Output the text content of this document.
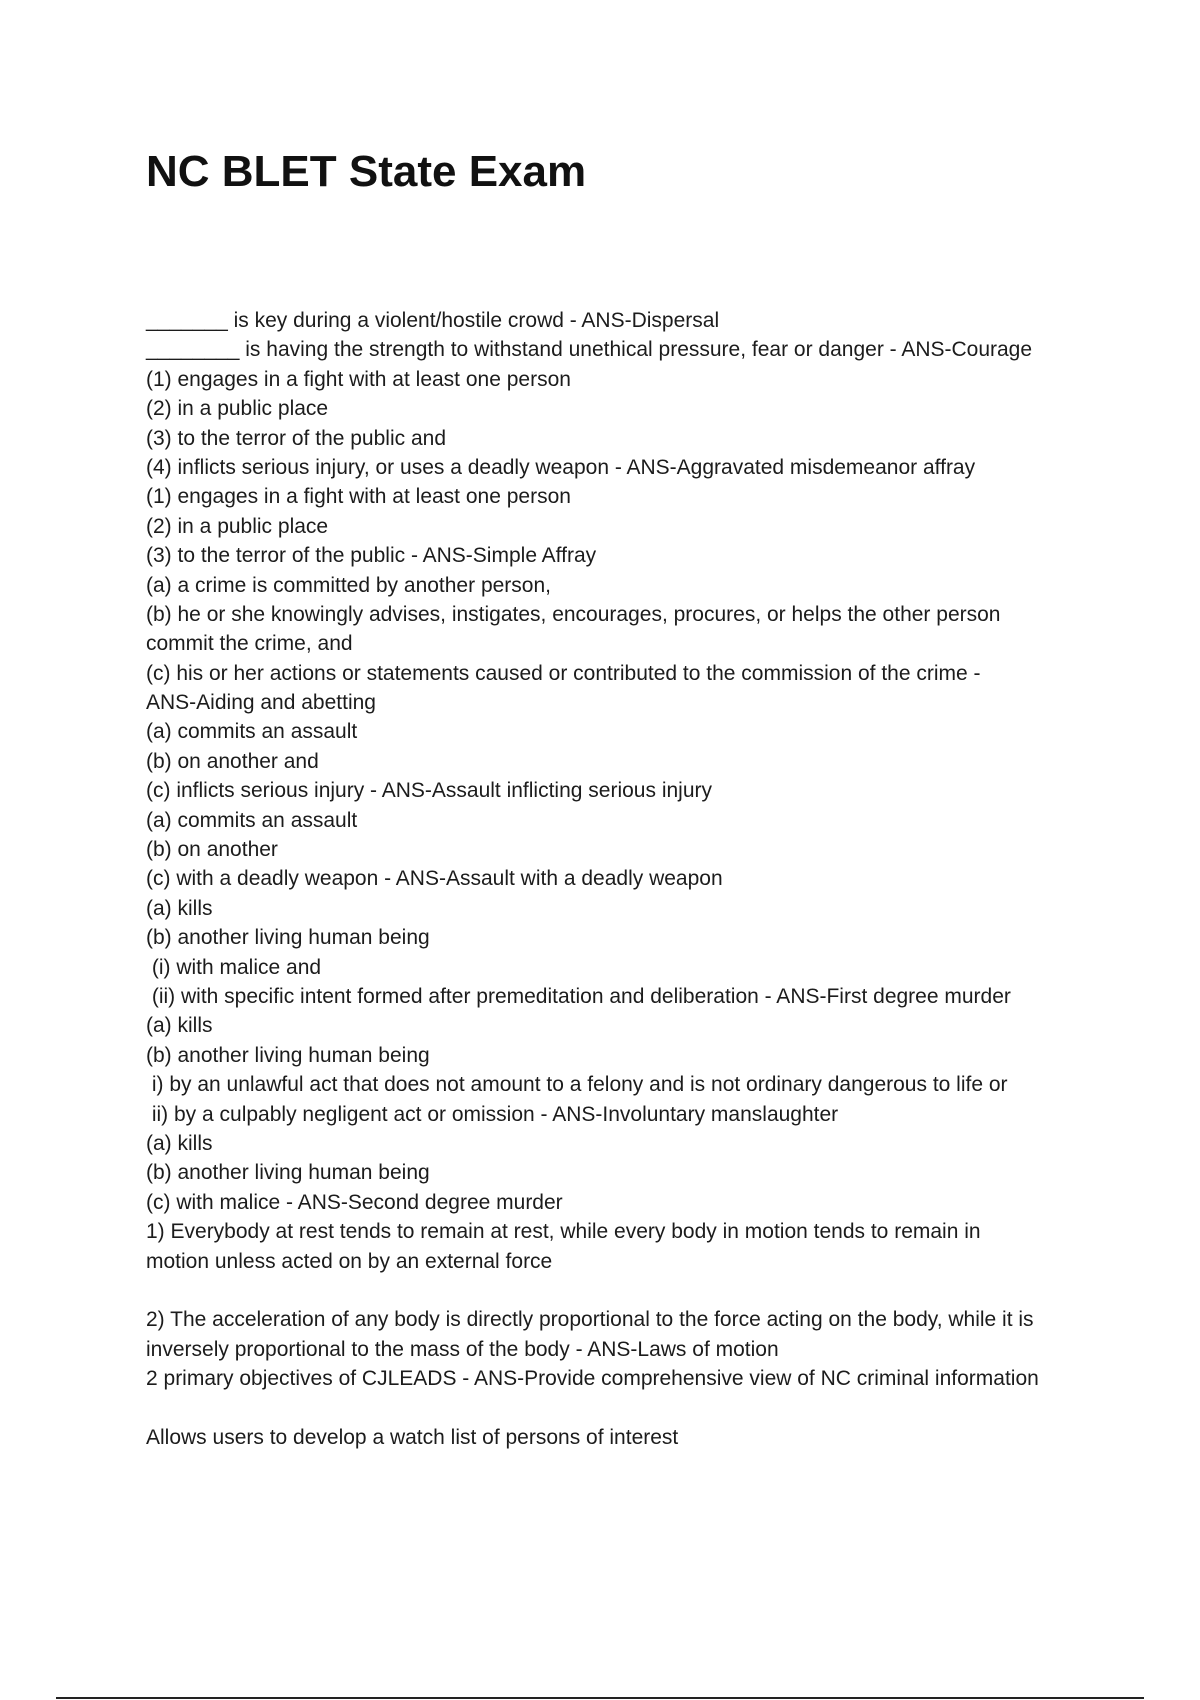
NC BLET State Exam
_______ is key during a violent/hostile crowd - ANS-Dispersal
________ is having the strength to withstand unethical pressure, fear or danger - ANS-Courage
(1) engages in a fight with at least one person
(2) in a public place
(3) to the terror of the public and
(4) inflicts serious injury, or uses a deadly weapon - ANS-Aggravated misdemeanor affray
(1) engages in a fight with at least one person
(2) in a public place
(3) to the terror of the public - ANS-Simple Affray
(a) a crime is committed by another person,
(b) he or she knowingly advises, instigates, encourages, procures, or helps the other person
commit the crime, and
(c) his or her actions or statements caused or contributed to the commission of the crime -
ANS-Aiding and abetting
(a) commits an assault
(b) on another and
(c) inflicts serious injury - ANS-Assault inflicting serious injury
(a) commits an assault
(b) on another
(c) with a deadly weapon - ANS-Assault with a deadly weapon
(a) kills
(b) another living human being
(i) with malice and
(ii) with specific intent formed after premeditation and deliberation - ANS-First degree murder
(a) kills
(b) another living human being
i) by an unlawful act that does not amount to a felony and is not ordinary dangerous to life or
ii) by a culpably negligent act or omission - ANS-Involuntary manslaughter
(a) kills
(b) another living human being
(c) with malice - ANS-Second degree murder
1) Everybody at rest tends to remain at rest, while every body in motion tends to remain in
motion unless acted on by an external force
2) The acceleration of any body is directly proportional to the force acting on the body, while it is
inversely proportional to the mass of the body - ANS-Laws of motion
2 primary objectives of CJLEADS - ANS-Provide comprehensive view of NC criminal information
Allows users to develop a watch list of persons of interest
